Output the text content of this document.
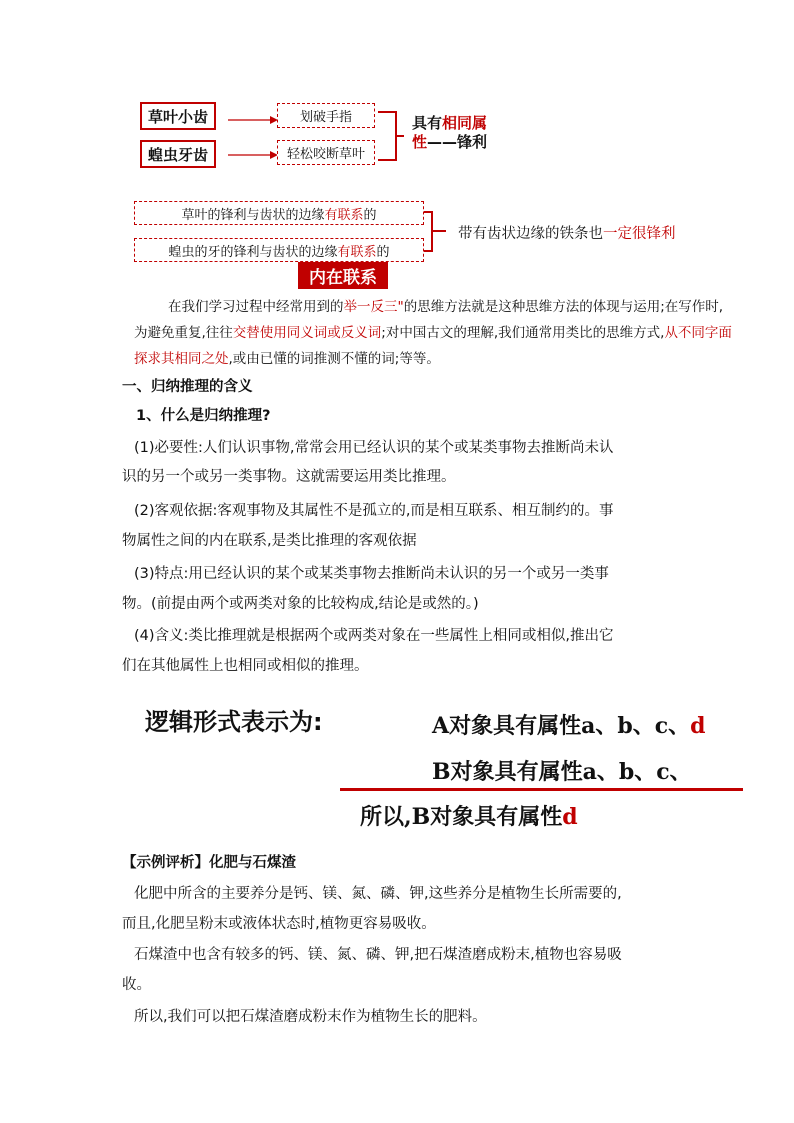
草叶小齿
蝗虫牙齿
划破手指
轻松咬断草叶
具有相同属
性——锋利
草叶的锋利与齿状的边缘 有联系 的
蝗虫的牙的锋利与齿状的边缘 有联系 的
带有齿状边缘的铁条也一定很锋利
内在联系
在我们学习过程中经常用到的举一反三"的思维方法就是这种思维方法的体现与运用;在写作时,
为避免重复,往往交替使用同义词或反义词;对中国古文的理解,我们通常用类比的思维方式,从不同字面
探求其相同之处,或由已懂的词推测不懂的词;等等。
一、归纳推理的含义
1、什么是归纳推理?
(1)必要性:人们认识事物,常常会用已经认识的某个或某类事物去推断尚未认
识的另一个或另一类事物。这就需要运用类比推理。
(2)客观依据:客观事物及其属性不是孤立的,而是相互联系、相互制约的。事
物属性之间的内在联系,是类比推理的客观依据
(3)特点:用已经认识的某个或某类事物去推断尚未认识的另一个或另一类事
物。(前提由两个或两类对象的比较构成,结论是或然的。)
(4)含义:类比推理就是根据两个或两类对象在一些属性上相同或相似,推出它
们在其他属性上也相同或相似的推理。
逻辑形式表示为:	A对象具有属性a、b、c、d
B对象具有属性a、b、c、
所以,B对象具有属性d
【示例评析】化肥与石煤渣
化肥中所含的主要养分是钙、镁、氮、磷、钾,这些养分是植物生长所需要的,
而且,化肥呈粉末或液体状态时,植物更容易吸收。
石煤渣中也含有较多的钙、镁、氮、磷、钾,把石煤渣磨成粉末,植物也容易吸
收。
所以,我们可以把石煤渣磨成粉末作为植物生长的肥料。
